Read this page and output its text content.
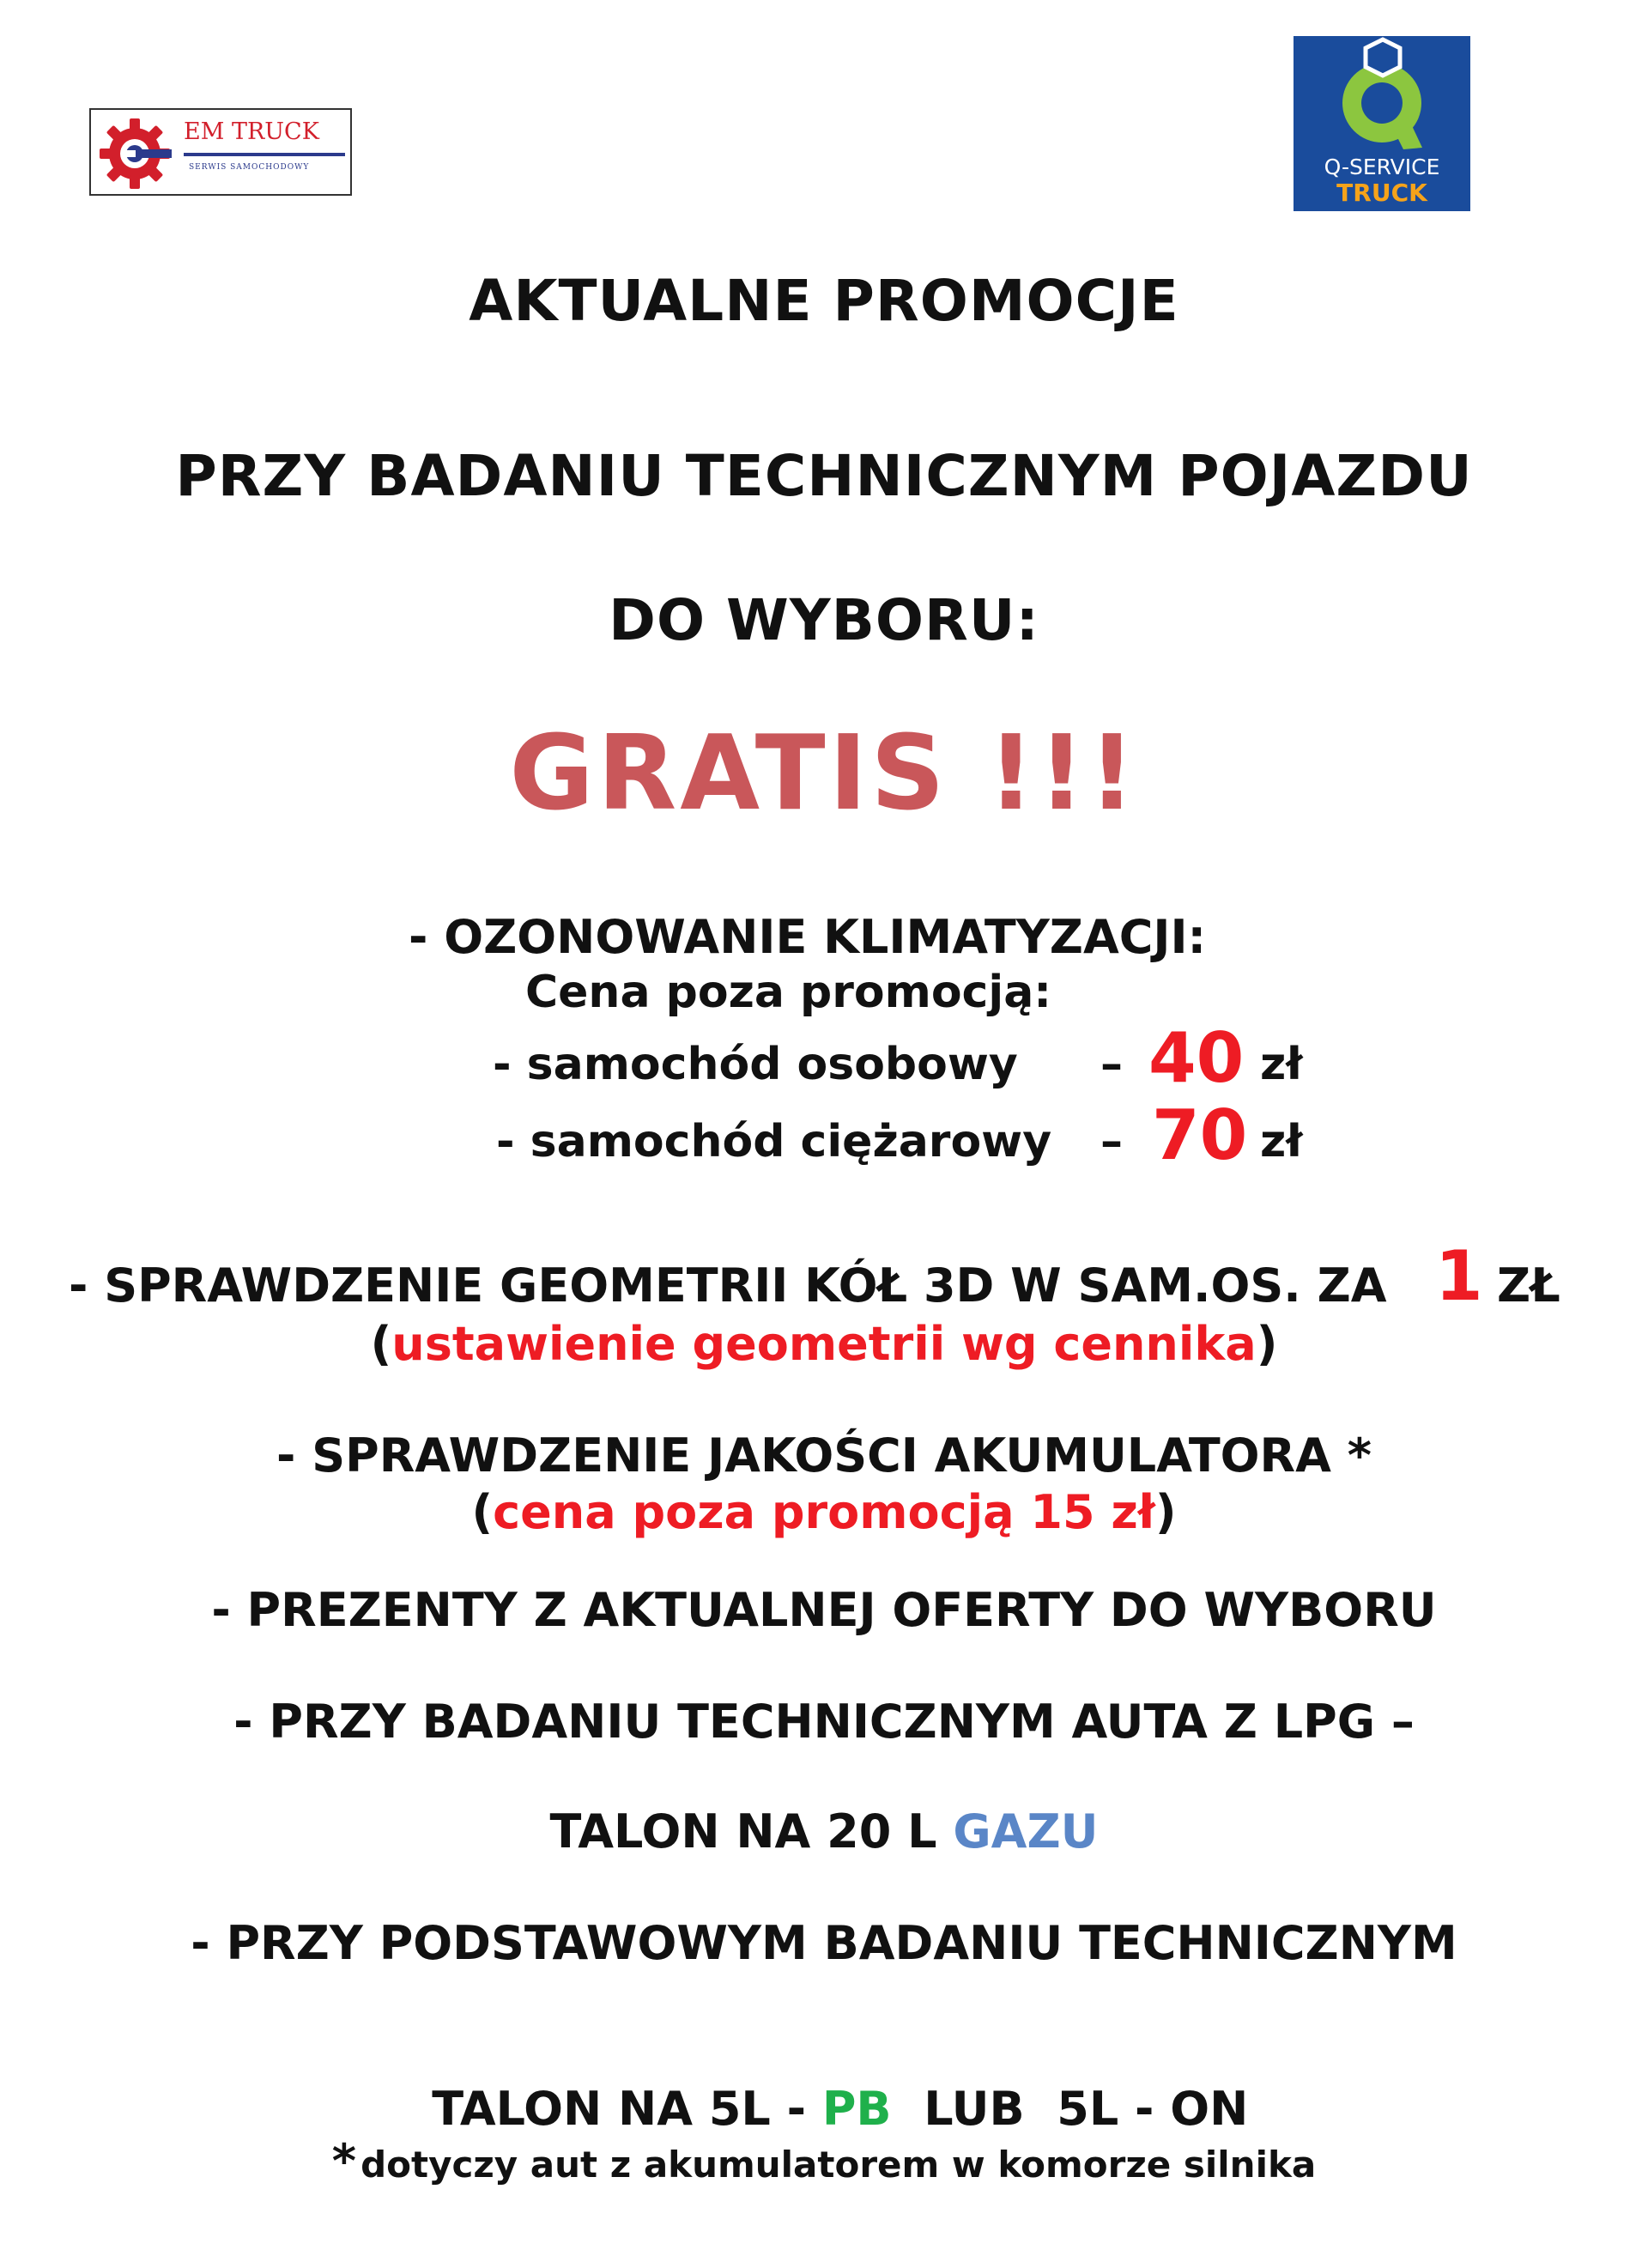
EM TRUCK
SERWIS SAMOCHODOWY	Q-SERVICE
TRUCK
AKTUALNE PROMOCJE
PRZY BADANIU TECHNICZNYM POJAZDU
DO WYBORU:
GRATIS !!!
- OZONOWANIE KLIMATYZACJI:
Cena poza promocją:
- samochód osobowy – 40 zł
- samochód ciężarowy – 70 zł
- SPRAWDZENIE GEOMETRII KÓŁ 3D W SAM.OS. ZA 1 ZŁ
(ustawienie geometrii wg cennika)
- SPRAWDZENIE JAKOŚCI AKUMULATORA *
(cena poza promocją 15 zł)
- PREZENTY Z AKTUALNEJ OFERTY DO WYBORU
- PRZY BADANIU TECHNICZNYM AUTA Z LPG –
TALON NA 20 L GAZU
- PRZY PODSTAWOWYM BADANIU TECHNICZNYM

TALON NA 5L - PB LUB  5L - ON

* dotyczy aut z akumulatorem w komorze silnika
